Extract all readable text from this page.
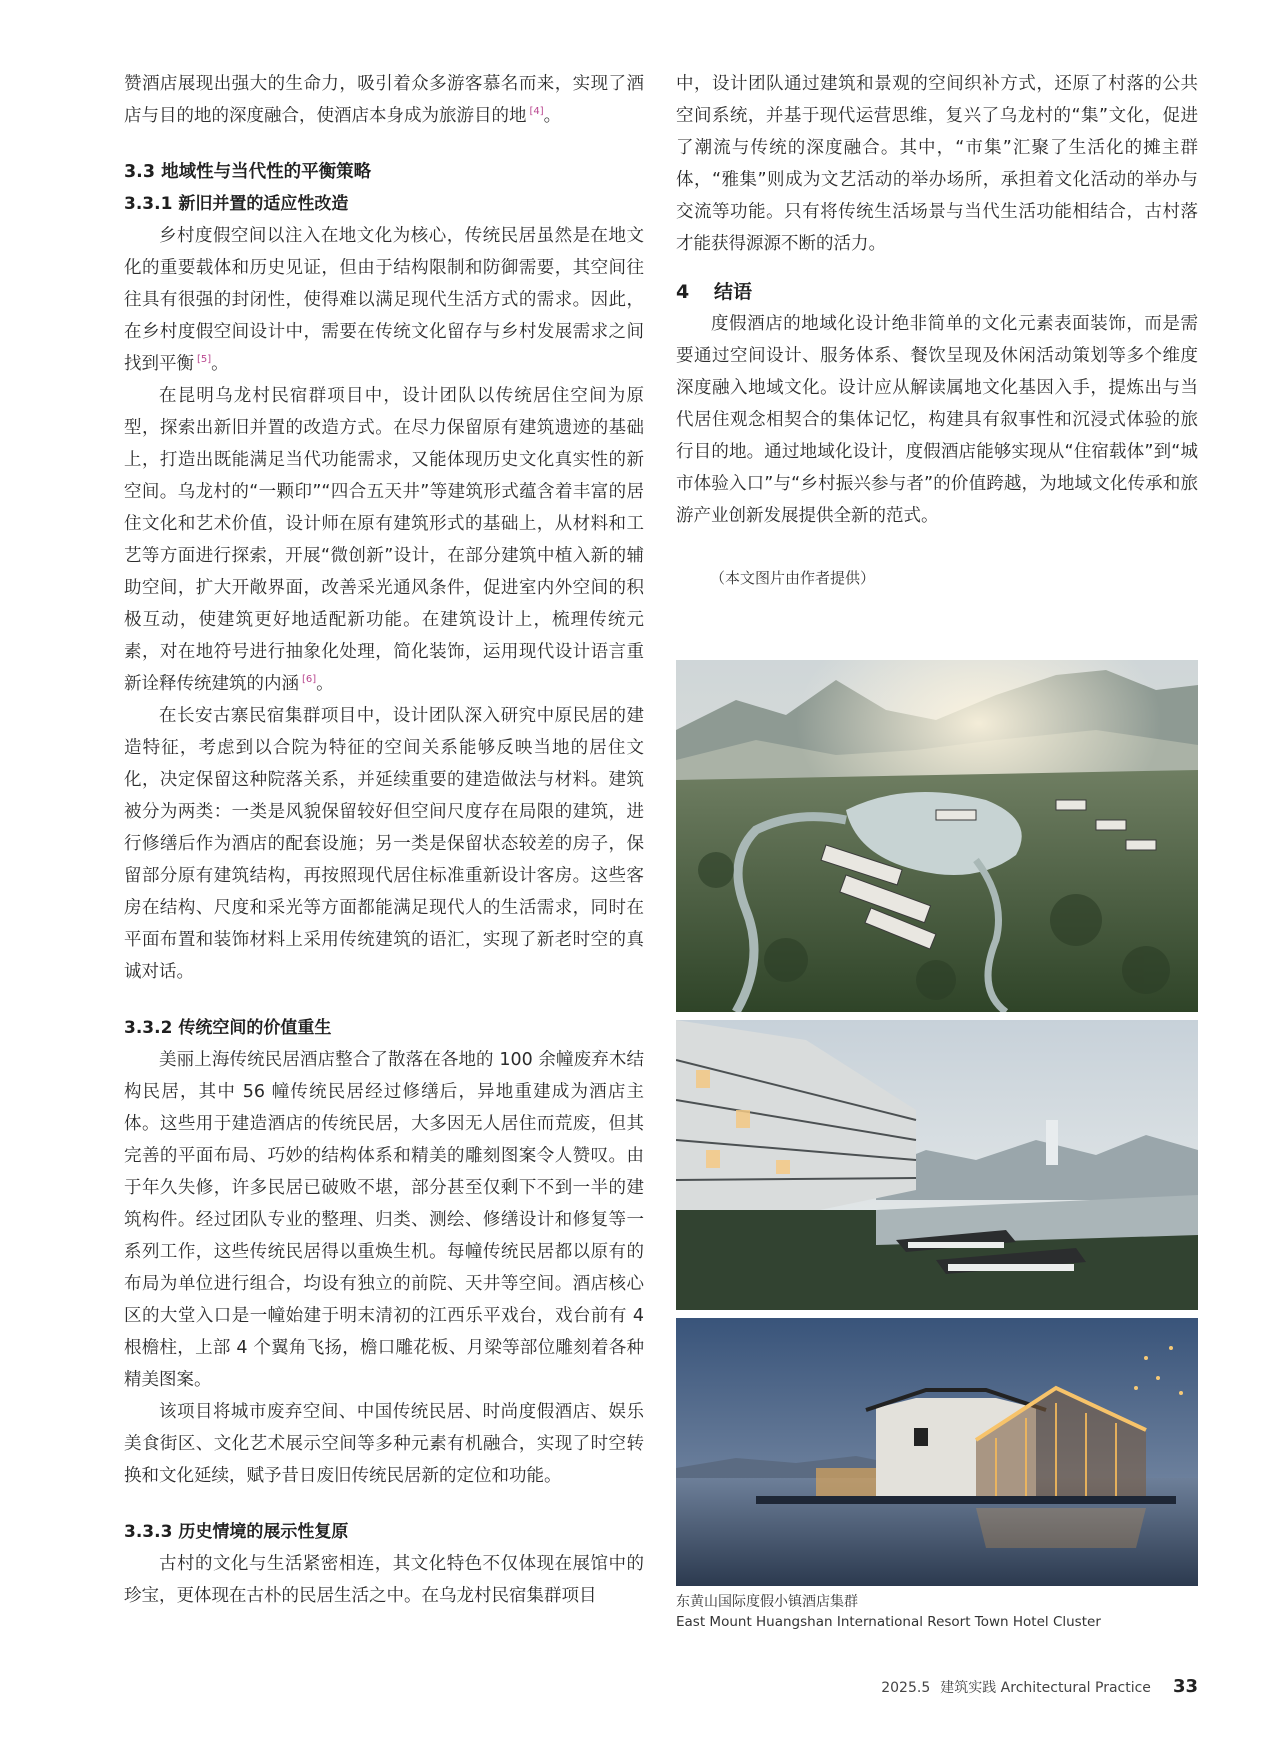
赞酒店展现出强大的生命力，吸引着众多游客慕名而来，实现了酒店与目的地的深度融合，使酒店本身成为旅游目的地 [4]。

3.3 地域性与当代性的平衡策略
3.3.1 新旧并置的适应性改造

乡村度假空间以注入在地文化为核心，传统民居虽然是在地文化的重要载体和历史见证，但由于结构限制和防御需要，其空间往往具有很强的封闭性，使得难以满足现代生活方式的需求。因此，在乡村度假空间设计中，需要在传统文化留存与乡村发展需求之间找到平衡 [5]。

在昆明乌龙村民宿群项目中，设计团队以传统居住空间为原型，探索出新旧并置的改造方式。在尽力保留原有建筑遗迹的基础上，打造出既能满足当代功能需求，又能体现历史文化真实性的新空间。乌龙村的“一颗印”“四合五天井”等建筑形式蕴含着丰富的居住文化和艺术价值，设计师在原有建筑形式的基础上，从材料和工艺等方面进行探索，开展“微创新”设计，在部分建筑中植入新的辅助空间，扩大开敞界面，改善采光通风条件，促进室内外空间的积极互动，使建筑更好地适配新功能。在建筑设计上，梳理传统元素，对在地符号进行抽象化处理，简化装饰，运用现代设计语言重新诠释传统建筑的内涵 [6]。

在长安古寨民宿集群项目中，设计团队深入研究中原民居的建造特征，考虑到以合院为特征的空间关系能够反映当地的居住文化，决定保留这种院落关系，并延续重要的建造做法与材料。建筑被分为两类：一类是风貌保留较好但空间尺度存在局限的建筑，进行修缮后作为酒店的配套设施；另一类是保留状态较差的房子，保留部分原有建筑结构，再按照现代居住标准重新设计客房。这些客房在结构、尺度和采光等方面都能满足现代人的生活需求，同时在平面布置和装饰材料上采用传统建筑的语汇，实现了新老时空的真诚对话。

3.3.2 传统空间的价值重生

美丽上海传统民居酒店整合了散落在各地的 100 余幢废弃木结构民居，其中 56 幢传统民居经过修缮后，异地重建成为酒店主体。这些用于建造酒店的传统民居，大多因无人居住而荒废，但其完善的平面布局、巧妙的结构体系和精美的雕刻图案令人赞叹。由于年久失修，许多民居已破败不堪，部分甚至仅剩下不到一半的建筑构件。经过团队专业的整理、归类、测绘、修缮设计和修复等一系列工作，这些传统民居得以重焕生机。每幢传统民居都以原有的布局为单位进行组合，均设有独立的前院、天井等空间。酒店核心区的大堂入口是一幢始建于明末清初的江西乐平戏台，戏台前有 4 根檐柱，上部 4 个翼角飞扬，檐口雕花板、月梁等部位雕刻着各种精美图案。

该项目将城市废弃空间、中国传统民居、时尚度假酒店、娱乐美食街区、文化艺术展示空间等多种元素有机融合，实现了时空转换和文化延续，赋予昔日废旧传统民居新的定位和功能。

3.3.3 历史情境的展示性复原

古村的文化与生活紧密相连，其文化特色不仅体现在展馆中的珍宝，更体现在古朴的民居生活之中。在乌龙村民宿集群项目

中，设计团队通过建筑和景观的空间织补方式，还原了村落的公共空间系统，并基于现代运营思维，复兴了乌龙村的“集”文化，促进了潮流与传统的深度融合。其中，“市集”汇聚了生活化的摊主群体，“雅集”则成为文艺活动的举办场所，承担着文化活动的举办与交流等功能。只有将传统生活场景与当代生活功能相结合，古村落才能获得源源不断的活力。

4 结语

度假酒店的地域化设计绝非简单的文化元素表面装饰，而是需要通过空间设计、服务体系、餐饮呈现及休闲活动策划等多个维度深度融入地域文化。设计应从解读属地文化基因入手，提炼出与当代居住观念相契合的集体记忆，构建具有叙事性和沉浸式体验的旅行目的地。通过地域化设计，度假酒店能够实现从“住宿载体”到“城市体验入口”与“乡村振兴参与者”的价值跨越，为地域文化传承和旅游产业创新发展提供全新的范式。

（本文图片由作者提供）

东黄山国际度假小镇酒店集群
East Mount Huangshan International Resort Town Hotel Cluster
2025.5 建筑实践 Architectural Practice 33
